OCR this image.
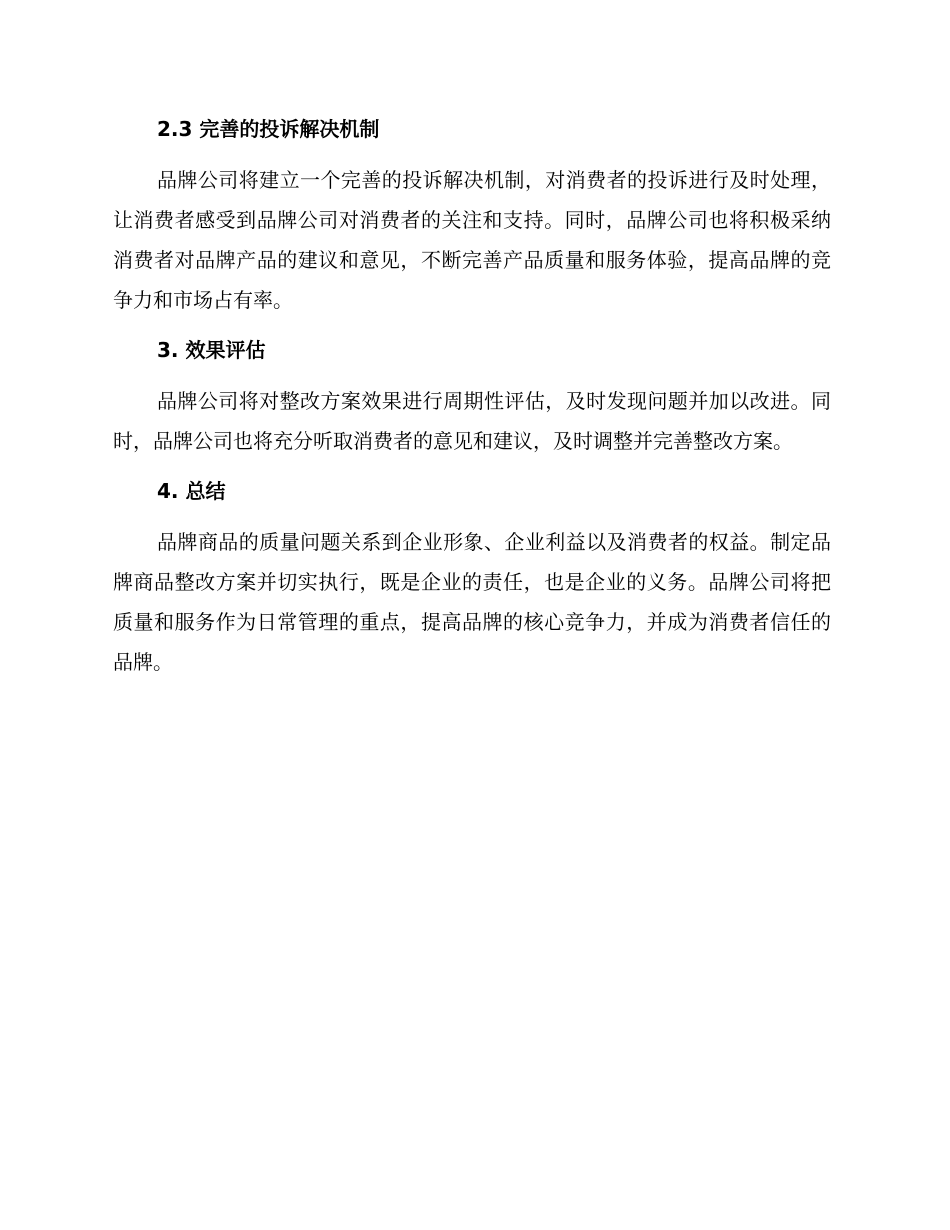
2.3 完善的投诉解决机制

品牌公司将建立一个完善的投诉解决机制，对消费者的投诉进行及时处理，让消费者感受到品牌公司对消费者的关注和支持。同时，品牌公司也将积极采纳消费者对品牌产品的建议和意见，不断完善产品质量和服务体验，提高品牌的竞争力和市场占有率。

3. 效果评估

品牌公司将对整改方案效果进行周期性评估，及时发现问题并加以改进。同时，品牌公司也将充分听取消费者的意见和建议，及时调整并完善整改方案。

4. 总结

品牌商品的质量问题关系到企业形象、企业利益以及消费者的权益。制定品牌商品整改方案并切实执行，既是企业的责任，也是企业的义务。品牌公司将把质量和服务作为日常管理的重点，提高品牌的核心竞争力，并成为消费者信任的品牌。
